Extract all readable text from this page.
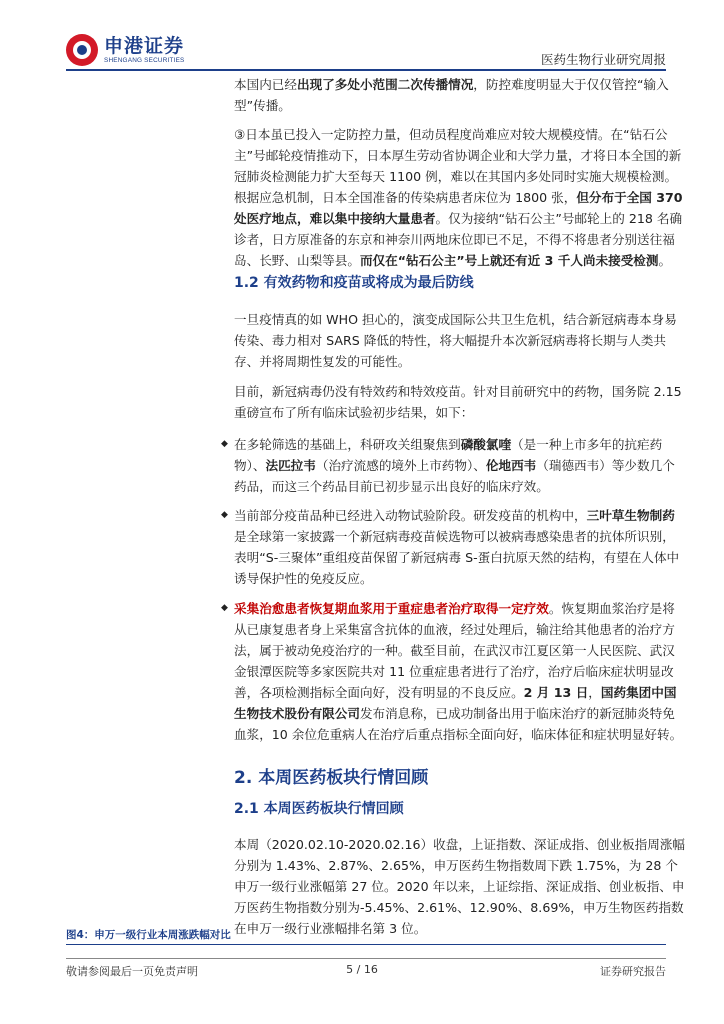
申港证券
SHENGANG SECURITIES	医药生物行业研究周报

本国内已经出现了多处小范围二次传播情况，防控难度明显大于仅仅管控“输入型”传播。

③日本虽已投入一定防控力量，但动员程度尚难应对较大规模疫情。在“钻石公主”号邮轮疫情推动下，日本厚生劳动省协调企业和大学力量，才将日本全国的新冠肺炎检测能力扩大至每天 1100 例，难以在其国内多处同时实施大规模检测。根据应急机制，日本全国准备的传染病患者床位为 1800 张，但分布于全国 370 处医疗地点，难以集中接纳大量患者。仅为接纳“钻石公主”号邮轮上的 218 名确诊者，日方原准备的东京和神奈川两地床位即已不足，不得不将患者分别送往福岛、长野、山梨等县。而仅在“钻石公主”号上就还有近 3 千人尚未接受检测。

1.2 有效药物和疫苗或将成为最后防线

一旦疫情真的如 WHO 担心的，演变成国际公共卫生危机，结合新冠病毒本身易传染、毒力相对 SARS 降低的特性，将大幅提升本次新冠病毒将长期与人类共存、并将周期性复发的可能性。

目前，新冠病毒仍没有特效药和特效疫苗。针对目前研究中的药物，国务院 2.15 重磅宣布了所有临床试验初步结果，如下：

◆ 在多轮筛选的基础上，科研攻关组聚焦到磷酸氯喹（是一种上市多年的抗疟药物）、法匹拉韦（治疗流感的境外上市药物）、伦地西韦（瑞德西韦）等少数几个药品，而这三个药品目前已初步显示出良好的临床疗效。
◆ 当前部分疫苗品种已经进入动物试验阶段。研发疫苗的机构中，三叶草生物制药是全球第一家披露一个新冠病毒疫苗候选物可以被病毒感染患者的抗体所识别，表明“S-三聚体”重组疫苗保留了新冠病毒 S-蛋白抗原天然的结构，有望在人体中诱导保护性的免疫反应。
◆ 采集治愈患者恢复期血浆用于重症患者治疗取得一定疗效。恢复期血浆治疗是将从已康复患者身上采集富含抗体的血液，经过处理后，输注给其他患者的治疗方法，属于被动免疫治疗的一种。截至目前，在武汉市江夏区第一人民医院、武汉金银潭医院等多家医院共对 11 位重症患者进行了治疗，治疗后临床症状明显改善，各项检测指标全面向好，没有明显的不良反应。2 月 13 日，国药集团中国生物技术股份有限公司发布消息称，已成功制备出用于临床治疗的新冠肺炎特免血浆，10 余位危重病人在治疗后重点指标全面向好，临床体征和症状明显好转。
2. 本周医药板块行情回顾
2.1 本周医药板块行情回顾

本周（2020.02.10-2020.02.16）收盘，上证指数、深证成指、创业板指周涨幅分别为 1.43%、2.87%、2.65%，申万医药生物指数周下跌 1.75%，为 28 个申万一级行业涨幅第 27 位。2020 年以来，上证综指、深证成指、创业板指、申万医药生物指数分别为-5.45%、2.61%、12.90%、8.69%，申万生物医药指数在申万一级行业涨幅排名第 3 位。

图4：申万一级行业本周涨跌幅对比
敬请参阅最后一页免责声明	5 / 16	证券研究报告
